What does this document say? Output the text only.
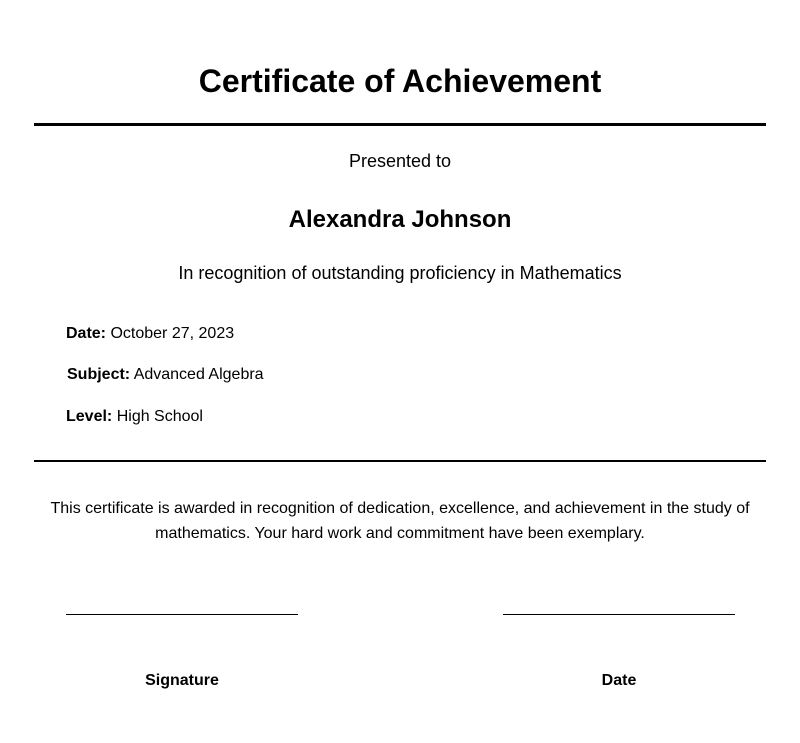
Certificate of Achievement
Presented to
Alexandra Johnson
In recognition of outstanding proficiency in Mathematics
Date: October 27, 2023
Subject: Advanced Algebra
Level: High School
This certificate is awarded in recognition of dedication, excellence, and achievement in the study of mathematics. Your hard work and commitment have been exemplary.
Signature	Date
